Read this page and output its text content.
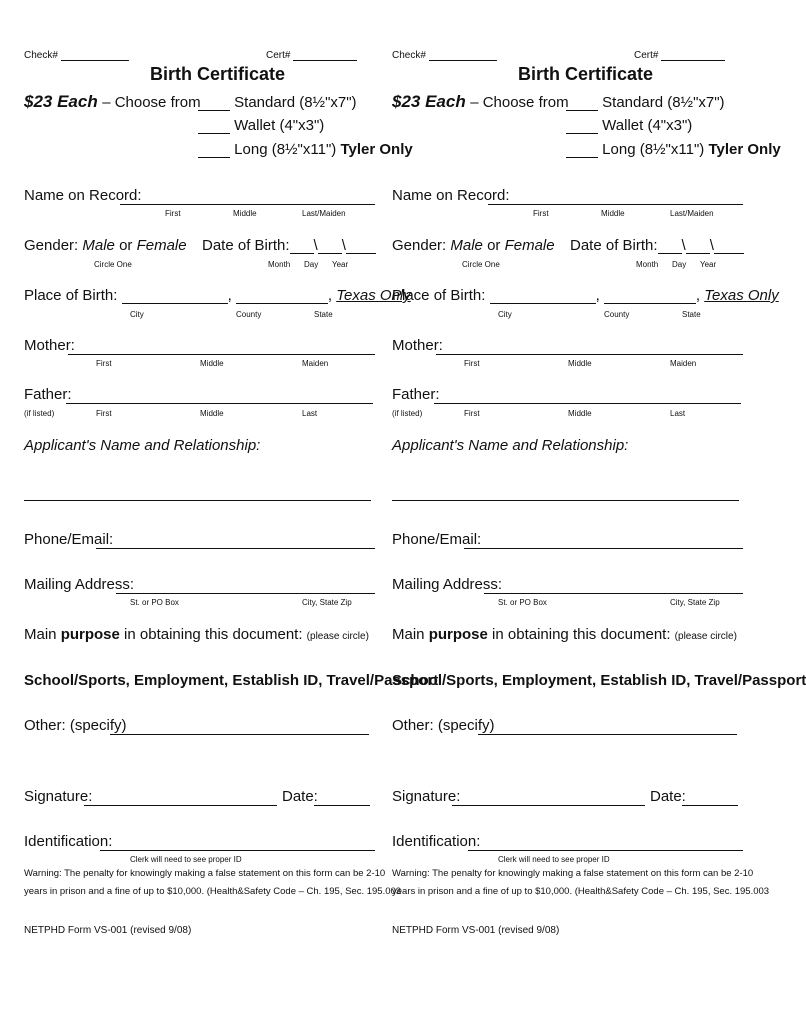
Check#	Cert#
Birth Certificate
$23 Each – Choose from	Standard (8½"x7")
Wallet (4"x3")
Long (8½"x11") Tyler Only
Name on Record:
First	Middle	Last/Maiden
Gender: Male or Female
Circle One
Date of Birth: \ \
Month Day Year
Place of Birth:	,	, Texas Only
City	County	State
Mother:
First	Middle	Maiden
Father:
(if listed)	First	Middle	Last
Applicant's Name and Relationship:
Phone/Email:
Mailing Address:
St. or PO Box	City, State Zip
Main purpose in obtaining this document: (please circle)
School/Sports, Employment, Establish ID, Travel/Passport
Other: (specify)
Signature:	Date:
Identification:
Clerk will need to see proper ID
Warning: The penalty for knowingly making a false statement on this form can be 2-10
years in prison and a fine of up to $10,000. (Health&Safety Code – Ch. 195, Sec. 195.003
NETPHD Form VS-001 (revised 9/08)
Check#	Cert#
Birth Certificate
$23 Each – Choose from	Standard (8½"x7")
Wallet (4"x3")
Long (8½"x11") Tyler Only
Name on Record:
First	Middle	Last/Maiden
Gender: Male or Female
Circle One
Date of Birth: \ \
Month Day Year
Place of Birth:	,	, Texas Only
City	County	State
Mother:
First	Middle	Maiden
Father:
(if listed)	First	Middle	Last
Applicant's Name and Relationship:
Phone/Email:
Mailing Address:
St. or PO Box	City, State Zip
Main purpose in obtaining this document: (please circle)
School/Sports, Employment, Establish ID, Travel/Passport
Other: (specify)
Signature:	Date:
Identification:
Clerk will need to see proper ID
Warning: The penalty for knowingly making a false statement on this form can be 2-10
years in prison and a fine of up to $10,000. (Health&Safety Code – Ch. 195, Sec. 195.003
NETPHD Form VS-001 (revised 9/08)
